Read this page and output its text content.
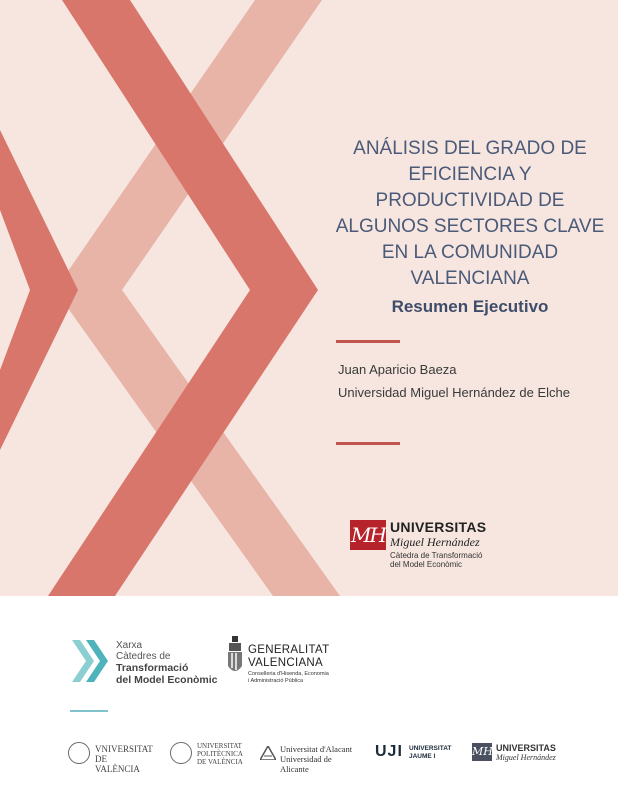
ANÁLISIS DEL GRADO DE
EFICIENCIA Y
PRODUCTIVIDAD DE
ALGUNOS SECTORES CLAVE
EN LA COMUNIDAD
VALENCIANA
Resumen Ejecutivo
Juan Aparicio Baeza
Universidad Miguel Hernández de Elche
MH UNIVERSITAS
Miguel Hernández
Càtedra de Transformació
del Model Econòmic
Xarxa
Càtedres de
Transformació
del Model Econòmic
GENERALITAT
VALENCIANA
Conselleria d'Hisenda, Economia
i Administració Pública
VNIVERSITAT
DE VALÈNCIA
UNIVERSITAT
POLITÈCNICA
DE VALÈNCIA
Universitat d'Alacant
Universidad de Alicante
UJI UNIVERSITAT
JAUME I	MH UNIVERSITAS
Miguel Hernández
